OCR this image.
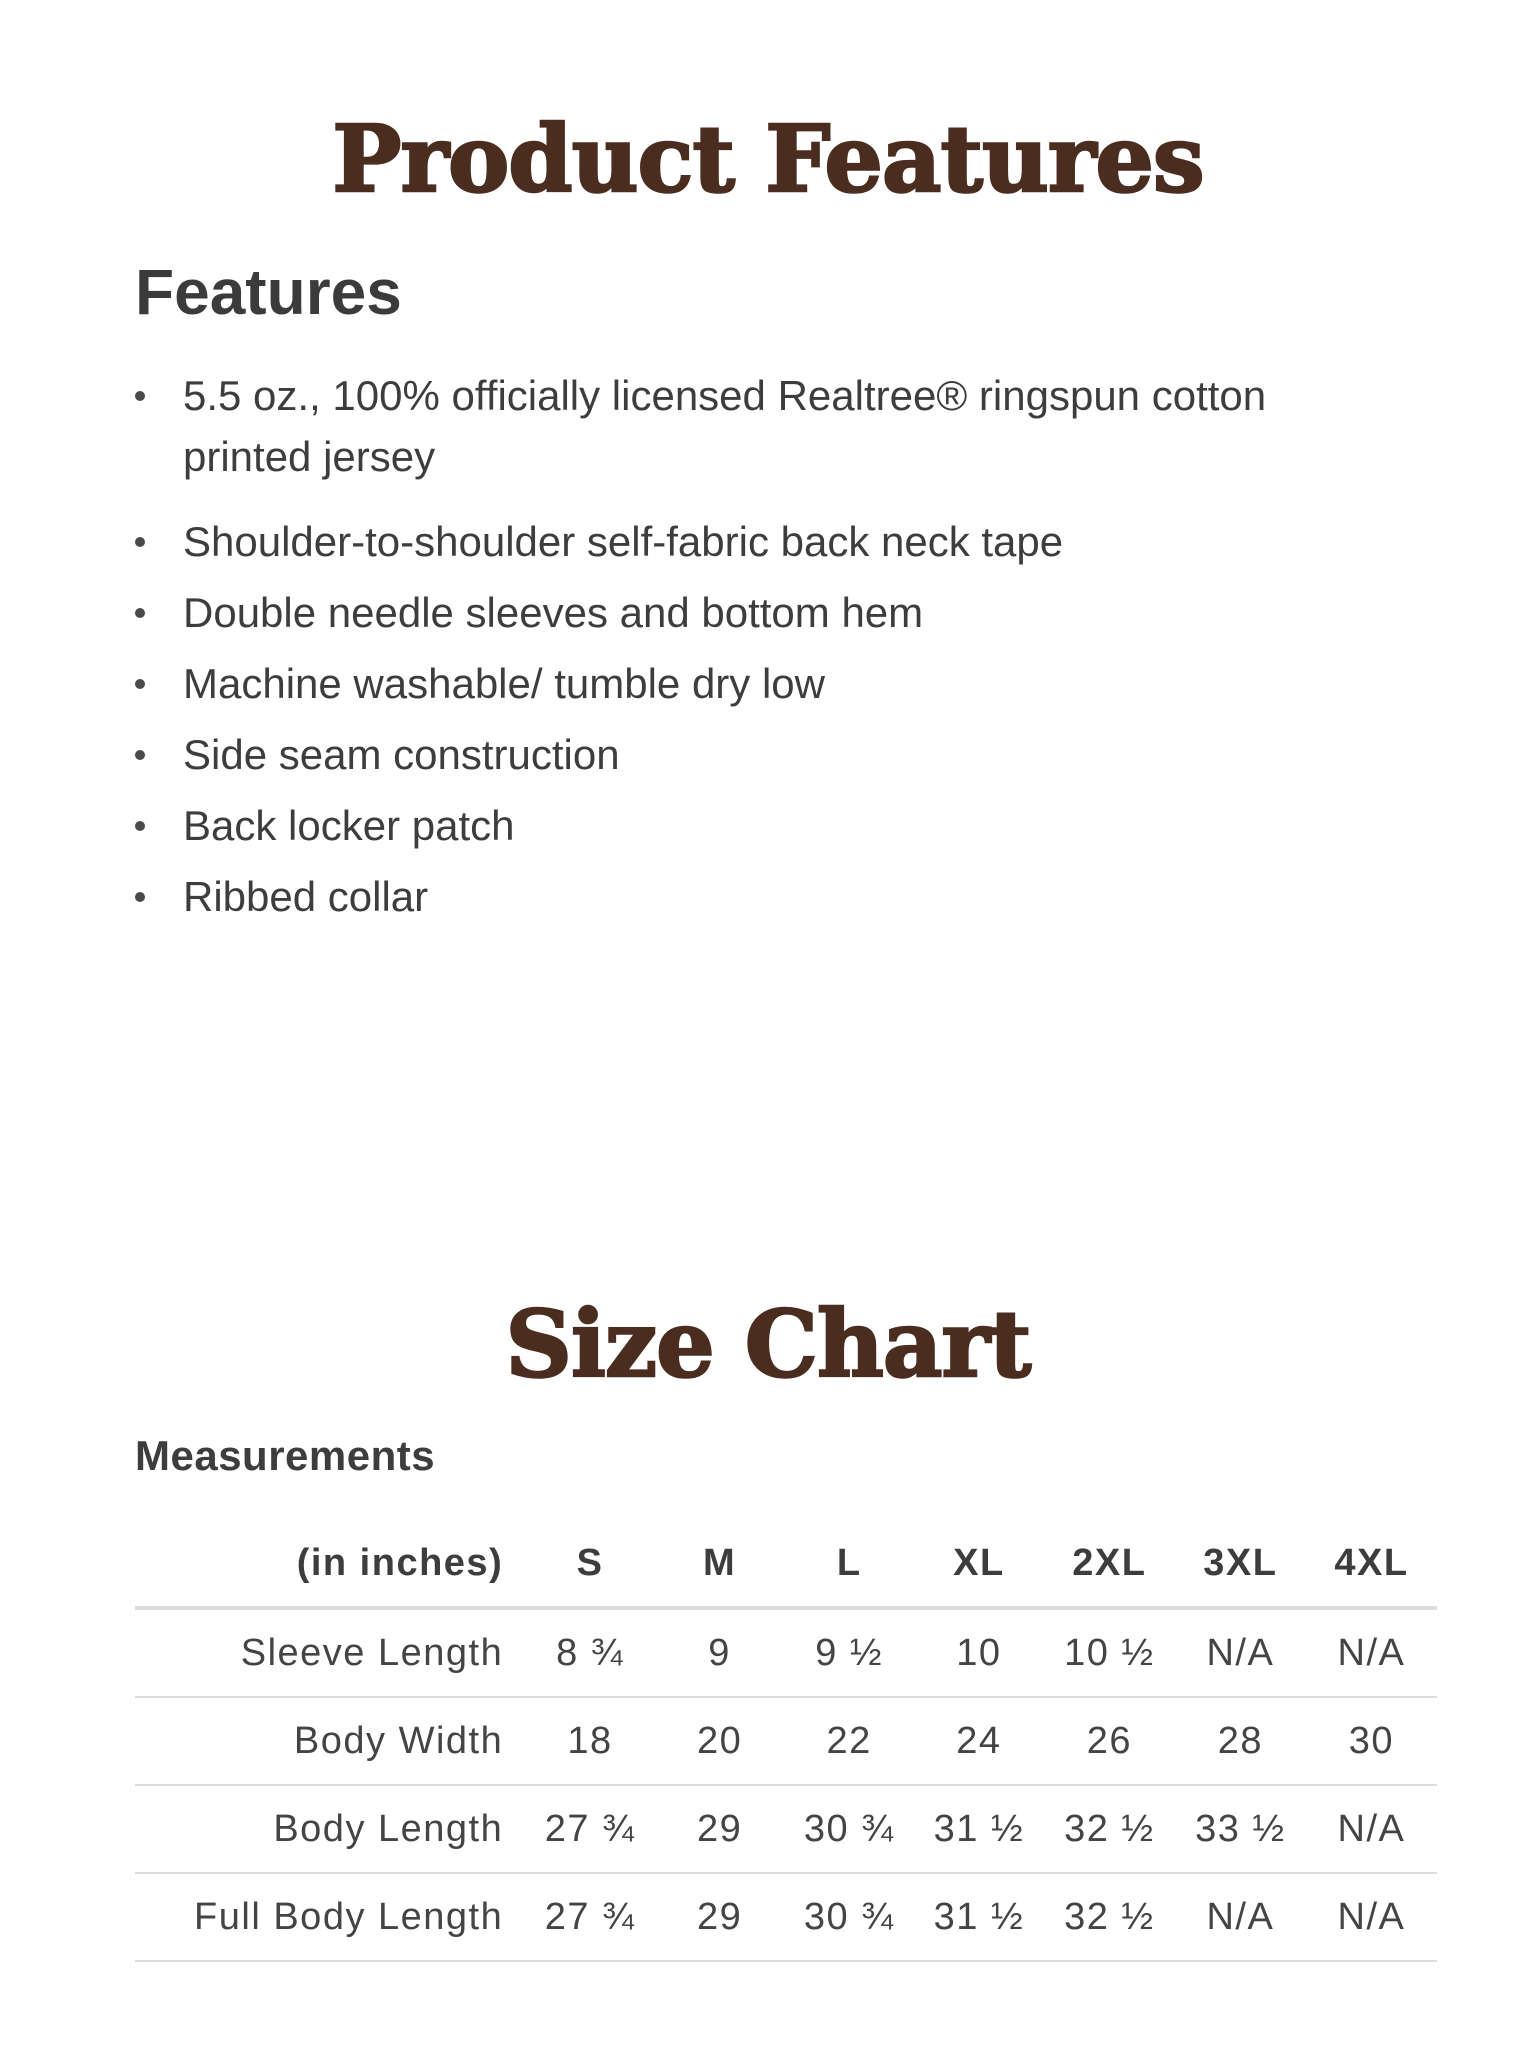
Product Features
Features
5.5 oz., 100% officially licensed Realtree® ringspun cotton printed jersey
Shoulder-to-shoulder self-fabric back neck tape
Double needle sleeves and bottom hem
Machine washable/ tumble dry low
Side seam construction
Back locker patch
Ribbed collar
Size Chart
Measurements
(in inches)	S	M	L	XL	2XL	3XL	4XL
Sleeve Length	8 ¾	9	9 ½	10	10 ½	N/A	N/A
Body Width	18	20	22	24	26	28	30
Body Length	27 ¾	29	30 ¾	31 ½	32 ½	33 ½	N/A
Full Body Length	27 ¾	29	30 ¾	31 ½	32 ½	N/A	N/A
